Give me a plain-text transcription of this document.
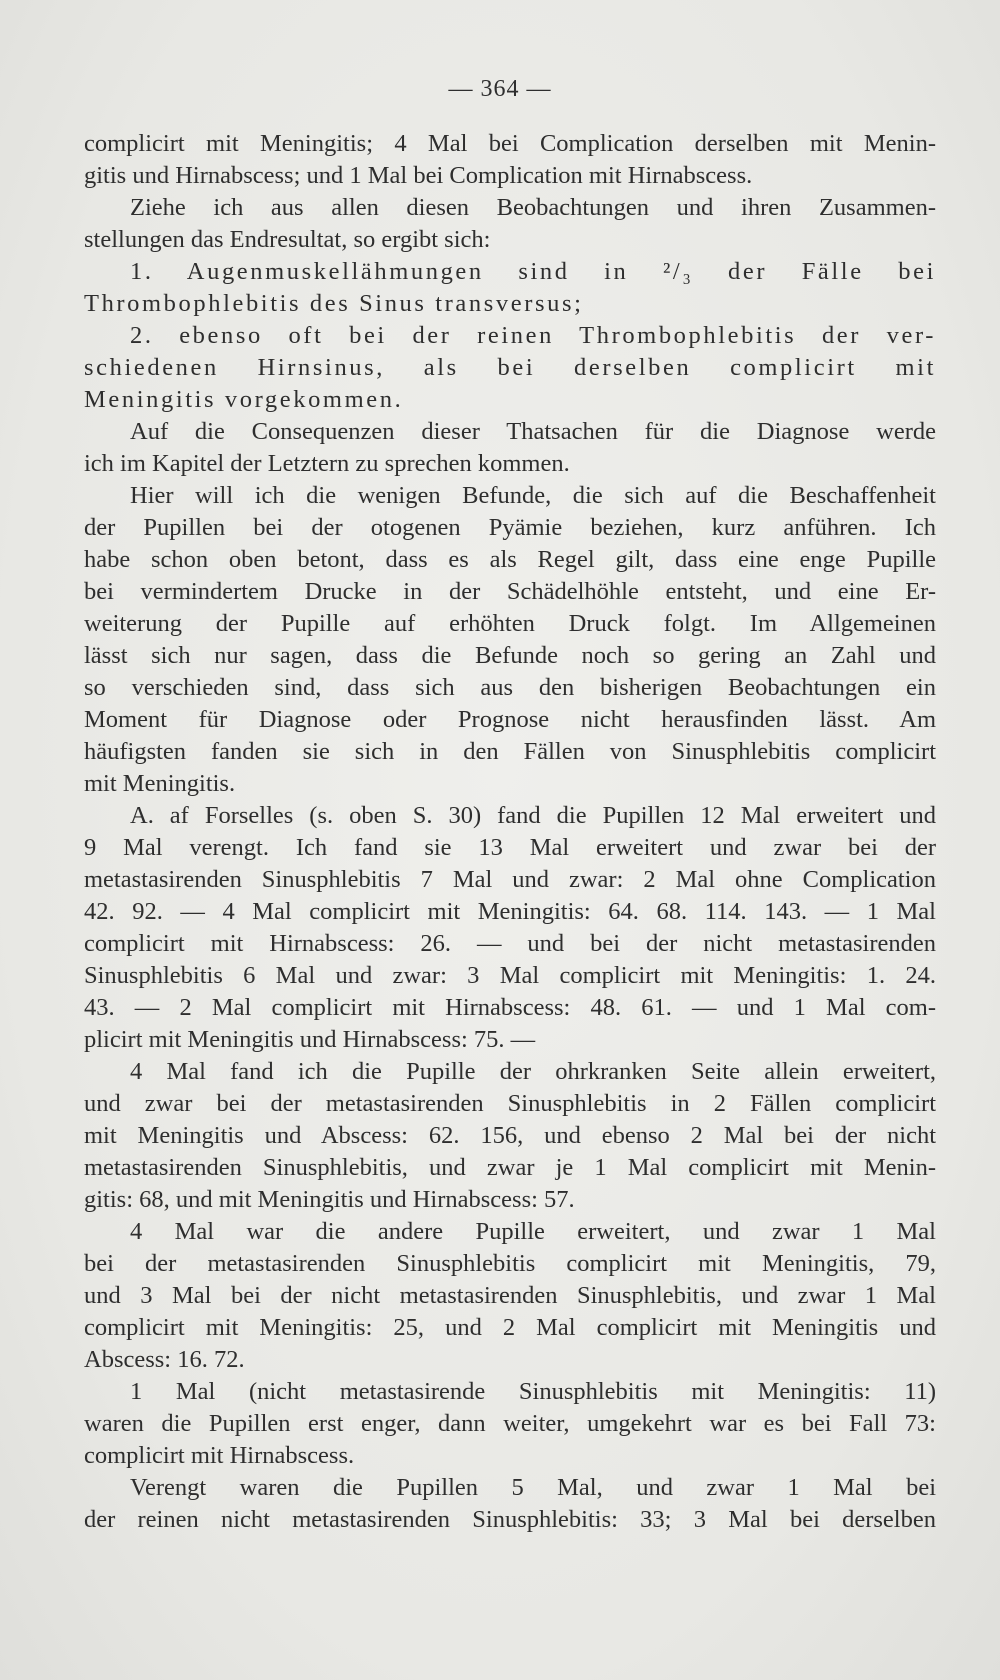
— 364 —
complicirt mit Meningitis; 4 Mal bei Complication derselben mit Menin-
gitis und Hirnabscess; und 1 Mal bei Complication mit Hirnabscess.
Ziehe ich aus allen diesen Beobachtungen und ihren Zusammen-
stellungen das Endresultat, so ergibt sich:
1. Augenmuskellähmungen sind in ²/₃ der Fälle bei
Thrombophlebitis des Sinus transversus;
2. ebenso oft bei der reinen Thrombophlebitis der ver-
schiedenen Hirnsinus, als bei derselben complicirt mit
Meningitis vorgekommen.
Auf die Consequenzen dieser Thatsachen für die Diagnose werde
ich im Kapitel der Letztern zu sprechen kommen.
Hier will ich die wenigen Befunde, die sich auf die Beschaffenheit
der Pupillen bei der otogenen Pyämie beziehen, kurz anführen. Ich
habe schon oben betont, dass es als Regel gilt, dass eine enge Pupille
bei vermindertem Drucke in der Schädelhöhle entsteht, und eine Er-
weiterung der Pupille auf erhöhten Druck folgt. Im Allgemeinen
lässt sich nur sagen, dass die Befunde noch so gering an Zahl und
so verschieden sind, dass sich aus den bisherigen Beobachtungen ein
Moment für Diagnose oder Prognose nicht herausfinden lässt. Am
häufigsten fanden sie sich in den Fällen von Sinusphlebitis complicirt
mit Meningitis.
A. af Forselles (s. oben S. 30) fand die Pupillen 12 Mal erweitert und
9 Mal verengt. Ich fand sie 13 Mal erweitert und zwar bei der
metastasirenden Sinusphlebitis 7 Mal und zwar: 2 Mal ohne Complication
42. 92. — 4 Mal complicirt mit Meningitis: 64. 68. 114. 143. — 1 Mal
complicirt mit Hirnabscess: 26. — und bei der nicht metastasirenden
Sinusphlebitis 6 Mal und zwar: 3 Mal complicirt mit Meningitis: 1. 24.
43. — 2 Mal complicirt mit Hirnabscess: 48. 61. — und 1 Mal com-
plicirt mit Meningitis und Hirnabscess: 75. —
4 Mal fand ich die Pupille der ohrkranken Seite allein erweitert,
und zwar bei der metastasirenden Sinusphlebitis in 2 Fällen complicirt
mit Meningitis und Abscess: 62. 156, und ebenso 2 Mal bei der nicht
metastasirenden Sinusphlebitis, und zwar je 1 Mal complicirt mit Menin-
gitis: 68, und mit Meningitis und Hirnabscess: 57.
4 Mal war die andere Pupille erweitert, und zwar 1 Mal
bei der metastasirenden Sinusphlebitis complicirt mit Meningitis, 79,
und 3 Mal bei der nicht metastasirenden Sinusphlebitis, und zwar 1 Mal
complicirt mit Meningitis: 25, und 2 Mal complicirt mit Meningitis und
Abscess: 16. 72.
1 Mal (nicht metastasirende Sinusphlebitis mit Meningitis: 11)
waren die Pupillen erst enger, dann weiter, umgekehrt war es bei Fall 73:
complicirt mit Hirnabscess.
Verengt waren die Pupillen 5 Mal, und zwar 1 Mal bei
der reinen nicht metastasirenden Sinusphlebitis: 33; 3 Mal bei derselben
